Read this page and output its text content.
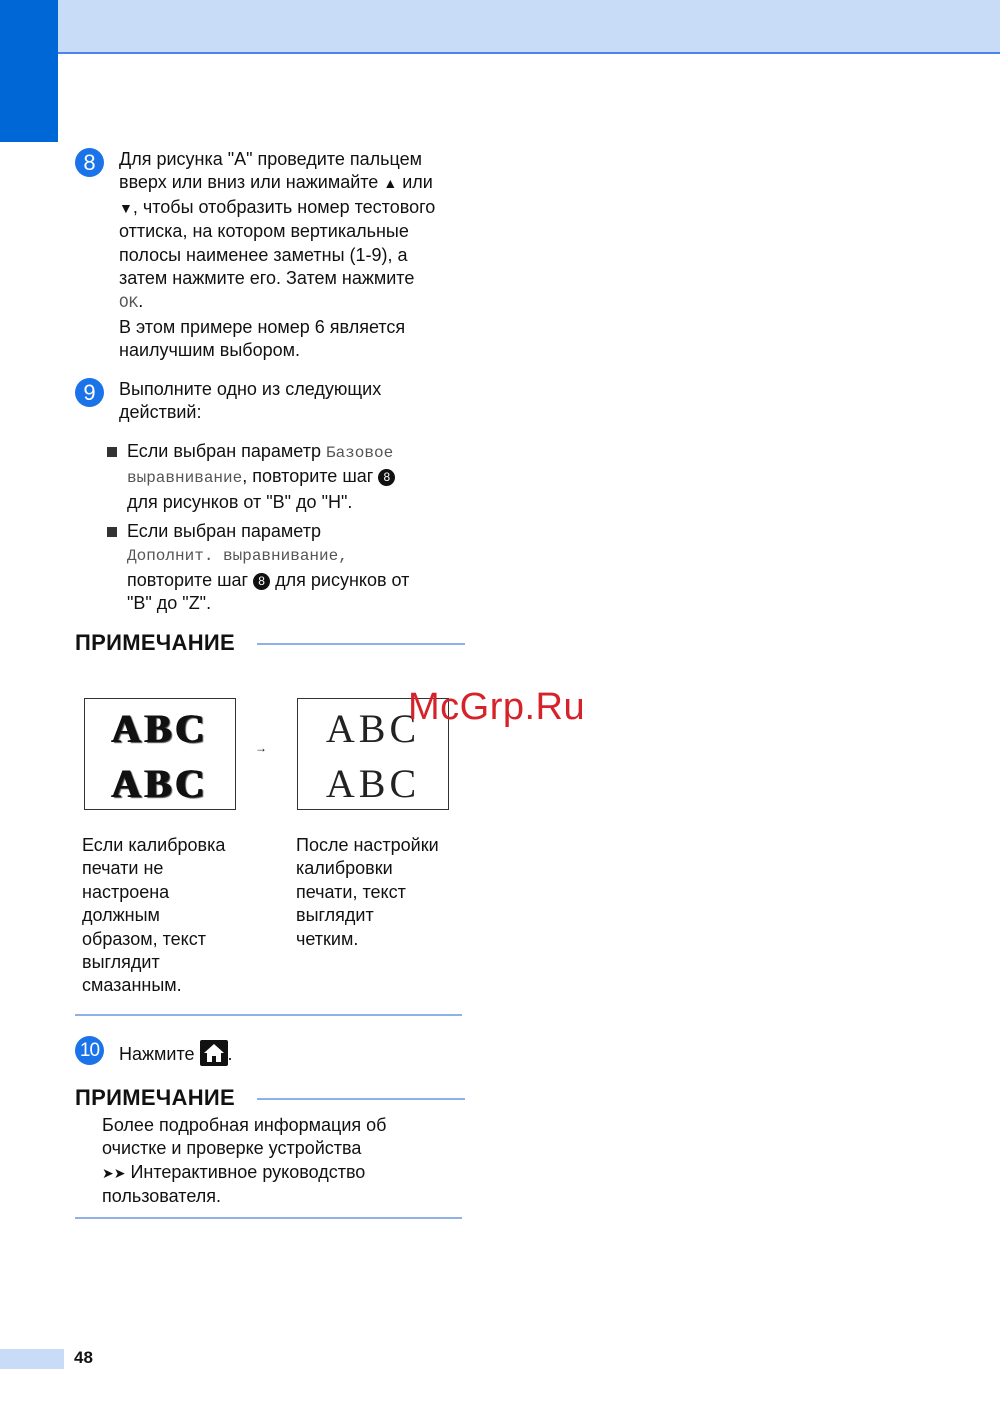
8	Для рисунка "A" проведите пальцем
вверх или вниз или нажимайте ▲ или
▼, чтобы отобразить номер тестового
оттиска, на котором вертикальные
полосы наименее заметны (1-9), а
затем нажмите его. Затем нажмите
OK.
В этом примере номер 6 является
наилучшим выбором.
9	Выполните одно из следующих
действий:
Если выбран параметр Базовое
выравнивание, повторите шаг 8
для рисунков от "B" до "H".
Если выбран параметр
Дополнит. выравнивание,
повторите шаг 8 для рисунков от
"B" до "Z".
ПРИМЕЧАНИЕ
ABC
ABC
→	ABC
ABC
Если калибровка
печати не
настроена
должным
образом, текст
выглядит
смазанным.
После настройки
калибровки
печати, текст
выглядит
четким.
10 Нажмите
.
ПРИМЕЧАНИЕ
Более подробная информация об
очистке и проверке устройства
➤➤ Интерактивное руководство
пользователя.
McGrp.Ru
48
